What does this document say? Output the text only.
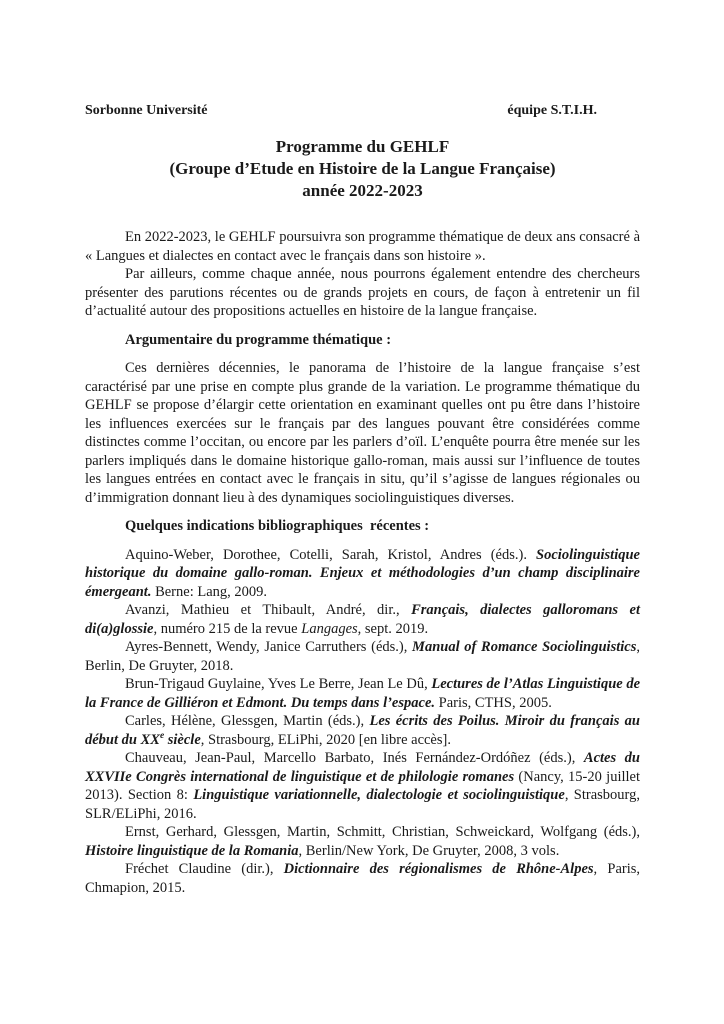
Sorbonne Université	équipe S.T.I.H.
Programme du GEHLF
(Groupe d’Etude en Histoire de la Langue Française)
année 2022-2023

En 2022-2023, le GEHLF poursuivra son programme thématique de deux ans consacré à « Langues et dialectes en contact avec le français dans son histoire ».

Par ailleurs, comme chaque année, nous pourrons également entendre des chercheurs présenter des parutions récentes ou de grands projets en cours, de façon à entretenir un fil d’actualité autour des propositions actuelles en histoire de la langue française.

Argumentaire du programme thématique :

Ces dernières décennies, le panorama de l’histoire de la langue française s’est caractérisé par une prise en compte plus grande de la variation. Le programme thématique du GEHLF se propose d’élargir cette orientation en examinant quelles ont pu être dans l’histoire les influences exercées sur le français par des langues pouvant être considérées comme distinctes comme l’occitan, ou encore par les parlers d’oïl. L’enquête pourra être menée sur les parlers impliqués dans le domaine historique gallo-roman, mais aussi sur l’influence de toutes les langues entrées en contact avec le français in situ, qu’il s’agisse de langues régionales ou d’immigration donnant lieu à des dynamiques sociolinguistiques diverses.

Quelques indications bibliographiques  récentes :

Aquino-Weber, Dorothee, Cotelli, Sarah, Kristol, Andres (éds.). Sociolinguistique historique du domaine gallo-roman. Enjeux et méthodologies d’un champ disciplinaire émergeant. Berne: Lang, 2009.

Avanzi, Mathieu et Thibault, André, dir., Français, dialectes galloromans et di(a)glossie, numéro 215 de la revue Langages, sept. 2019.

Ayres-Bennett, Wendy, Janice Carruthers (éds.), Manual of Romance Sociolinguistics, Berlin, De Gruyter, 2018.

Brun-Trigaud Guylaine, Yves Le Berre, Jean Le Dû, Lectures de l’Atlas Linguistique de la France de Gilliéron et Edmont. Du temps dans l’espace. Paris, CTHS, 2005.

Carles, Hélène, Glessgen, Martin (éds.), Les écrits des Poilus. Miroir du français au début du XXe siècle, Strasbourg, ELiPhi, 2020 [en libre accès].

Chauveau, Jean-Paul, Marcello Barbato, Inés Fernández-Ordóñez (éds.), Actes du XXVIIe Congrès international de linguistique et de philologie romanes (Nancy, 15-20 juillet 2013). Section 8: Linguistique variationnelle, dialectologie et sociolinguistique, Strasbourg, SLR/ELiPhi, 2016.

Ernst, Gerhard, Glessgen, Martin, Schmitt, Christian, Schweickard, Wolfgang (éds.), Histoire linguistique de la Romania, Berlin/New York, De Gruyter, 2008, 3 vols.

Fréchet Claudine (dir.), Dictionnaire des régionalismes de Rhône-Alpes, Paris, Chmapion, 2015.
